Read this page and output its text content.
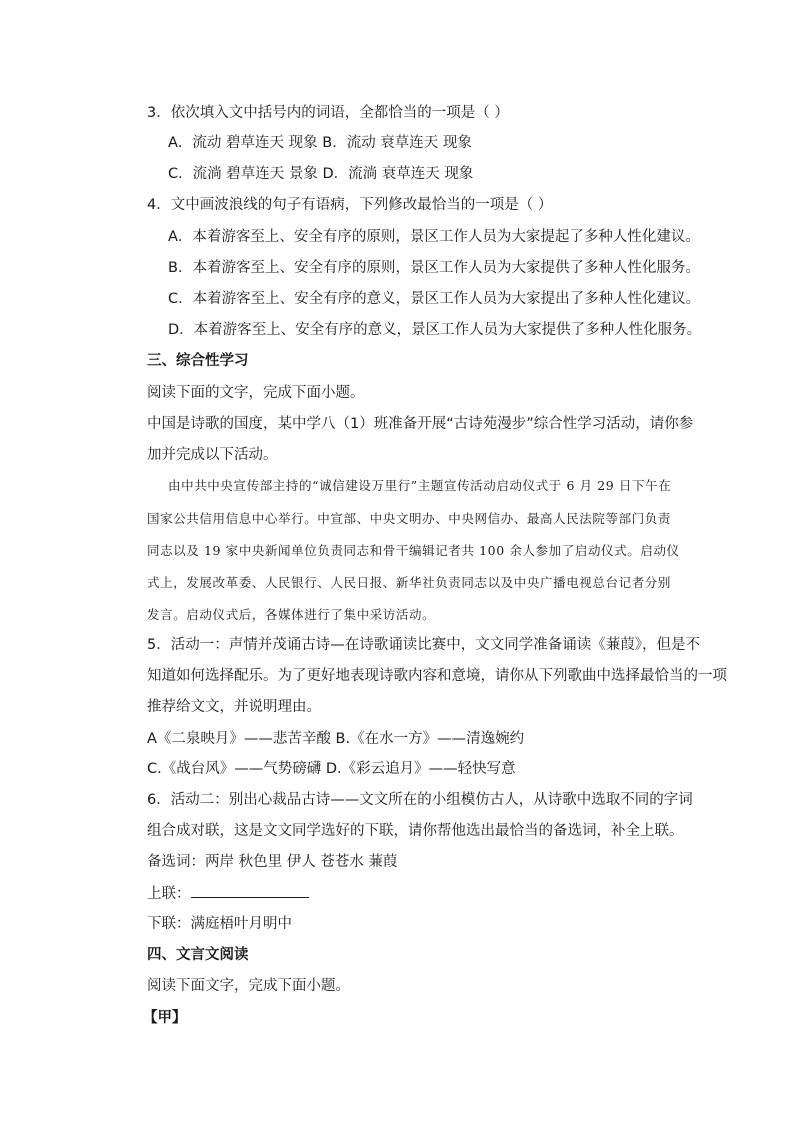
3．依次填入文中括号内的词语，全都恰当的一项是（ ）
A．流动 碧草连天 现象 B．流动 衰草连天 现象
C．流淌 碧草连天 景象 D．流淌 衰草连天 现象
4．文中画波浪线的句子有语病，下列修改最恰当的一项是（ ）
A．本着游客至上、安全有序的原则，景区工作人员为大家提起了多种人性化建议。
B．本着游客至上、安全有序的原则，景区工作人员为大家提供了多种人性化服务。
C．本着游客至上、安全有序的意义，景区工作人员为大家提出了多种人性化建议。
D．本着游客至上、安全有序的意义，景区工作人员为大家提供了多种人性化服务。
三、综合性学习
阅读下面的文字，完成下面小题。
中国是诗歌的国度，某中学八（1）班准备开展“古诗苑漫步”综合性学习活动，请你参
加并完成以下活动。
由中共中央宣传部主持的“诚信建设万里行”主题宣传活动启动仪式于 6 月 29 日下午在
国家公共信用信息中心举行。中宣部、中央文明办、中央网信办、最高人民法院等部门负责
同志以及 19 家中央新闻单位负责同志和骨干编辑记者共 100 余人参加了启动仪式。启动仪
式上，发展改革委、人民银行、人民日报、新华社负责同志以及中央广播电视总台记者分别
发言。启动仪式后，各媒体进行了集中采访活动。
5．活动一：声情并茂诵古诗—在诗歌诵读比赛中，文文同学准备诵读《蒹葭》，但是不
知道如何选择配乐。为了更好地表现诗歌内容和意境，请你从下列歌曲中选择最恰当的一项
推荐给文文，并说明理由。
A《二泉映月》——悲苦辛酸 B.《在水一方》——清逸婉约
C.《战台风》——气势磅礴 D.《彩云追月》——轻快写意
6．活动二：别出心裁品古诗——文文所在的小组模仿古人，从诗歌中选取不同的字词
组合成对联，这是文文同学选好的下联，请你帮他选出最恰当的备选词，补全上联。
备选词：两岸 秋色里 伊人 苍苍水 蒹葭
上联：
下联：满庭梧叶月明中
四、文言文阅读
阅读下面文字，完成下面小题。
【甲】
